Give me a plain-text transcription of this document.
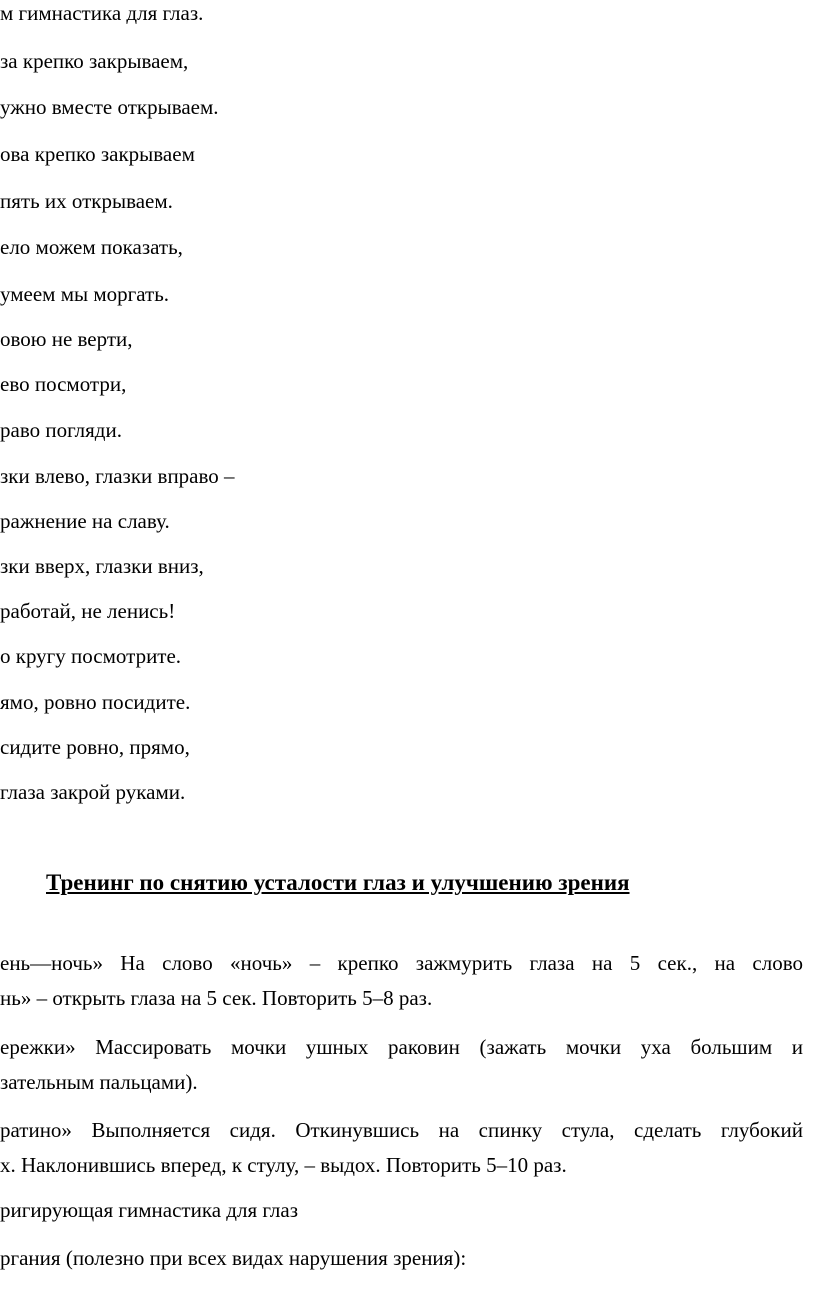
м гимнастика для глаз.
за крепко закрываем,
ужно вместе открываем.
ова крепко закрываем
пять их открываем.
ело можем показать,
умеем мы моргать.
овою не верти,
ево посмотри,
раво погляди.
зки влево, глазки вправо –
ражнение на славу.
зки вверх, глазки вниз,
работай, не ленись!
о кругу посмотрите.
ямо, ровно посидите.
сидите ровно, прямо,
глаза закрой руками.
Тренинг по снятию усталости глаз и улучшению зрения
ень—ночь» На слово «ночь» – крепко зажмурить глаза на 5 сек., на слово
нь» – открыть глаза на 5 сек. Повторить 5–8 раз.
ережки» Массировать мочки ушных раковин (зажать мочки уха большим и
зательным пальцами).
ратино» Выполняется сидя. Откинувшись на спинку стула, сделать глубокий
х. Наклонившись вперед, к стулу, – выдох. Повторить 5–10 раз.
ригирующая гимнастика для глаз
ргания (полезно при всех видах нарушения зрения):
